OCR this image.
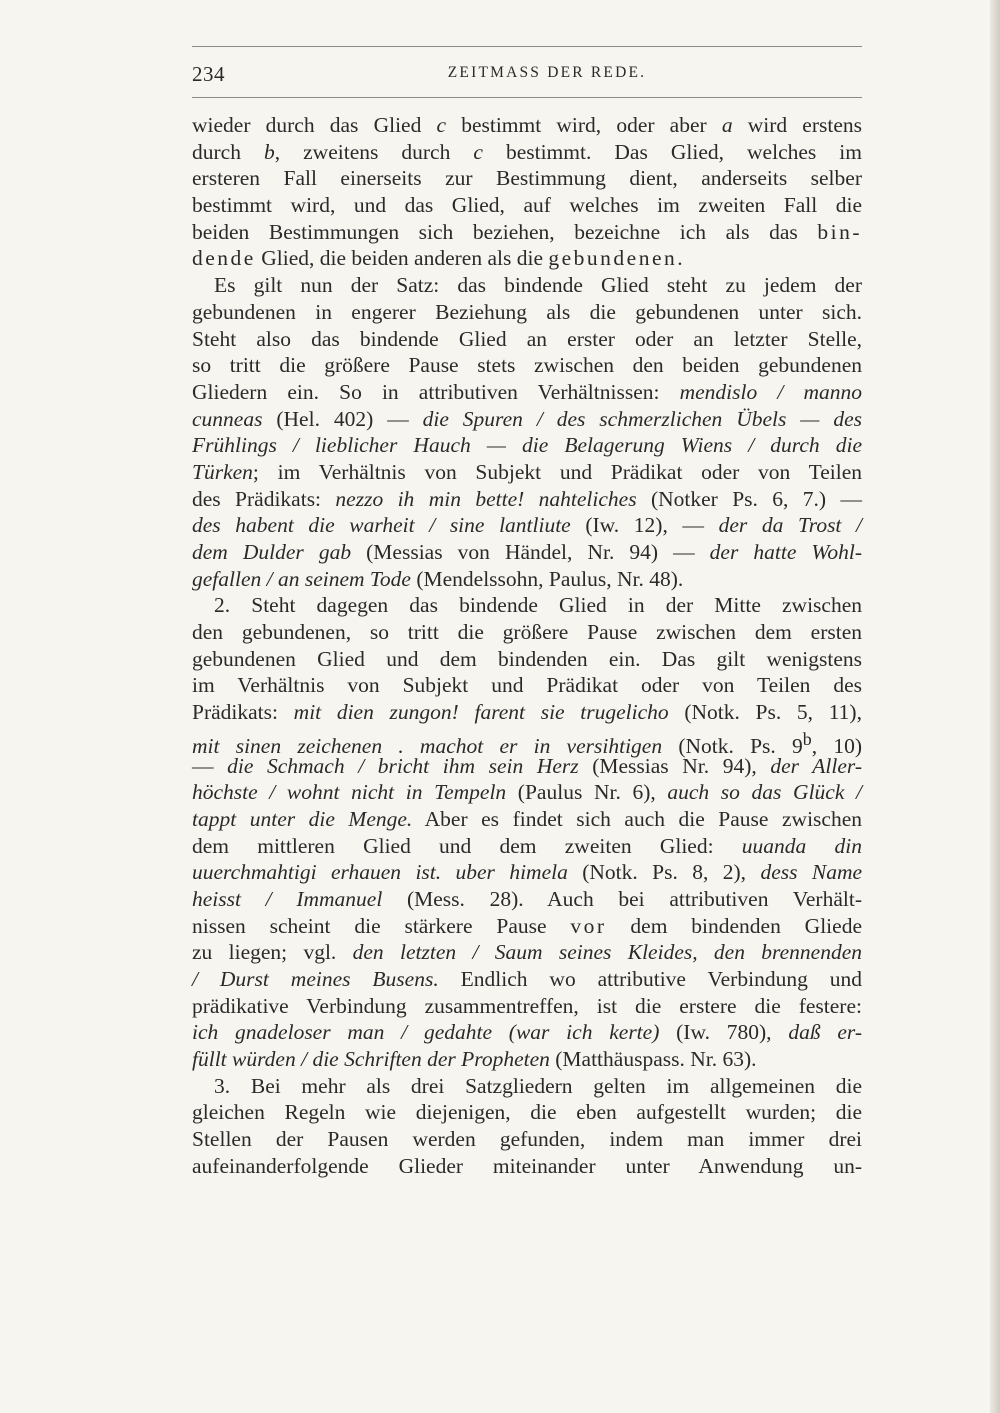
234	ZEITMASS DER REDE.
wieder durch das Glied c bestimmt wird, oder aber a wird erstens
durch b, zweitens durch c bestimmt. Das Glied, welches im
ersteren Fall einerseits zur Bestimmung dient, anderseits selber
bestimmt wird, und das Glied, auf welches im zweiten Fall die
beiden Bestimmungen sich beziehen, bezeichne ich als das bin-
dende Glied, die beiden anderen als die gebundenen.
Es gilt nun der Satz: das bindende Glied steht zu jedem der
gebundenen in engerer Beziehung als die gebundenen unter sich.
Steht also das bindende Glied an erster oder an letzter Stelle,
so tritt die größere Pause stets zwischen den beiden gebundenen
Gliedern ein. So in attributiven Verhältnissen: mendislo / manno
cunneas (Hel. 402) — die Spuren / des schmerzlichen Übels — des
Frühlings / lieblicher Hauch — die Belagerung Wiens / durch die
Türken; im Verhältnis von Subjekt und Prädikat oder von Teilen
des Prädikats: nezzo ih min bette! nahteliches (Notker Ps. 6, 7.) —
des habent die warheit / sine lantliute (Iw. 12), — der da Trost /
dem Dulder gab (Messias von Händel, Nr. 94) — der hatte Wohl-
gefallen / an seinem Tode (Mendelssohn, Paulus, Nr. 48).
2. Steht dagegen das bindende Glied in der Mitte zwischen
den gebundenen, so tritt die größere Pause zwischen dem ersten
gebundenen Glied und dem bindenden ein. Das gilt wenigstens
im Verhältnis von Subjekt und Prädikat oder von Teilen des
Prädikats: mit dien zungon! farent sie trugelicho (Notk. Ps. 5, 11),
mit sinen zeichenen . machot er in versihtigen (Notk. Ps. 9$^b$, 10)
— die Schmach / bricht ihm sein Herz (Messias Nr. 94), der Aller-
höchste / wohnt nicht in Tempeln (Paulus Nr. 6), auch so das Glück /
tappt unter die Menge. Aber es findet sich auch die Pause zwischen
dem mittleren Glied und dem zweiten Glied: uuanda din
uuerchmahtigi erhauen ist. uber himela (Notk. Ps. 8, 2), dess Name
heisst / Immanuel (Mess. 28). Auch bei attributiven Verhält-
nissen scheint die stärkere Pause vor dem bindenden Gliede
zu liegen; vgl. den letzten / Saum seines Kleides, den brennenden
/ Durst meines Busens. Endlich wo attributive Verbindung und
prädikative Verbindung zusammentreffen, ist die erstere die festere:
ich gnadeloser man / gedahte (war ich kerte) (Iw. 780), daß er-
füllt würden / die Schriften der Propheten (Matthäuspass. Nr. 63).
3. Bei mehr als drei Satzgliedern gelten im allgemeinen die
gleichen Regeln wie diejenigen, die eben aufgestellt wurden; die
Stellen der Pausen werden gefunden, indem man immer drei
aufeinanderfolgende Glieder miteinander unter Anwendung un-
